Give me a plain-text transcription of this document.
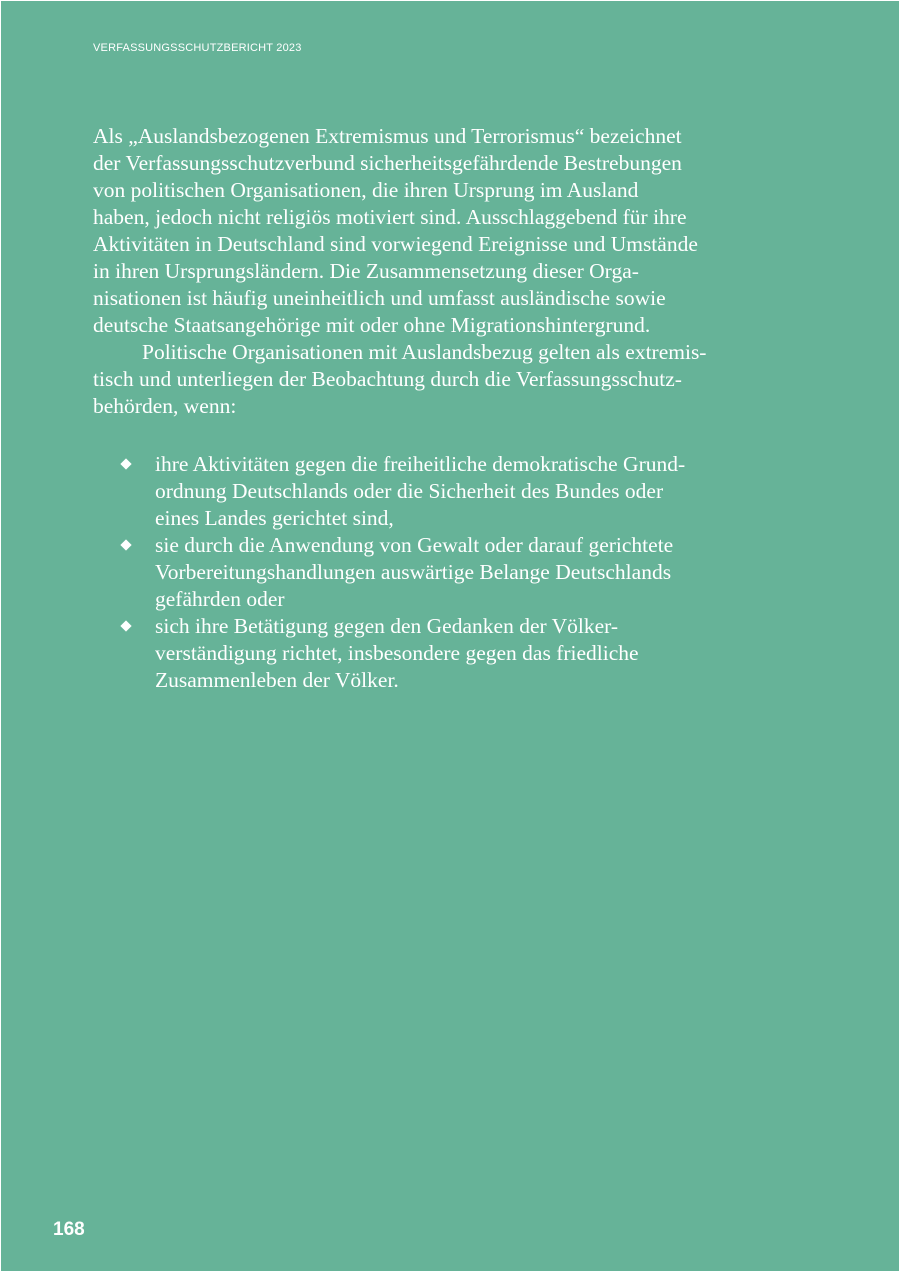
VERFASSUNGSSCHUTZBERICHT 2023
Als „Auslandsbezogenen Extremismus und Terrorismus“ bezeichnet
der Verfassungsschutzverbund sicherheitsgefährdende Bestrebungen
von politischen Organisationen, die ihren Ursprung im Ausland
haben, jedoch nicht religiös motiviert sind. Ausschlaggebend für ihre
Aktivitäten in Deutschland sind vorwiegend Ereignisse und Umstände
in ihren Ursprungsländern. Die Zusammensetzung dieser Orga-
nisationen ist häufig uneinheitlich und umfasst ausländische sowie
deutsche Staatsangehörige mit oder ohne Migrationshintergrund.
Politische Organisationen mit Auslandsbezug gelten als extremis-
tisch und unterliegen der Beobachtung durch die Verfassungsschutz-
behörden, wenn:
ihre Aktivitäten gegen die freiheitliche demokratische Grund-
ordnung Deutschlands oder die Sicherheit des Bundes oder
eines Landes gerichtet sind,
sie durch die Anwendung von Gewalt oder darauf gerichtete
Vorbereitungshandlungen auswärtige Belange Deutschlands
gefährden oder
sich ihre Betätigung gegen den Gedanken der Völker-
verständigung richtet, insbesondere gegen das friedliche
Zusammenleben der Völker.
168
